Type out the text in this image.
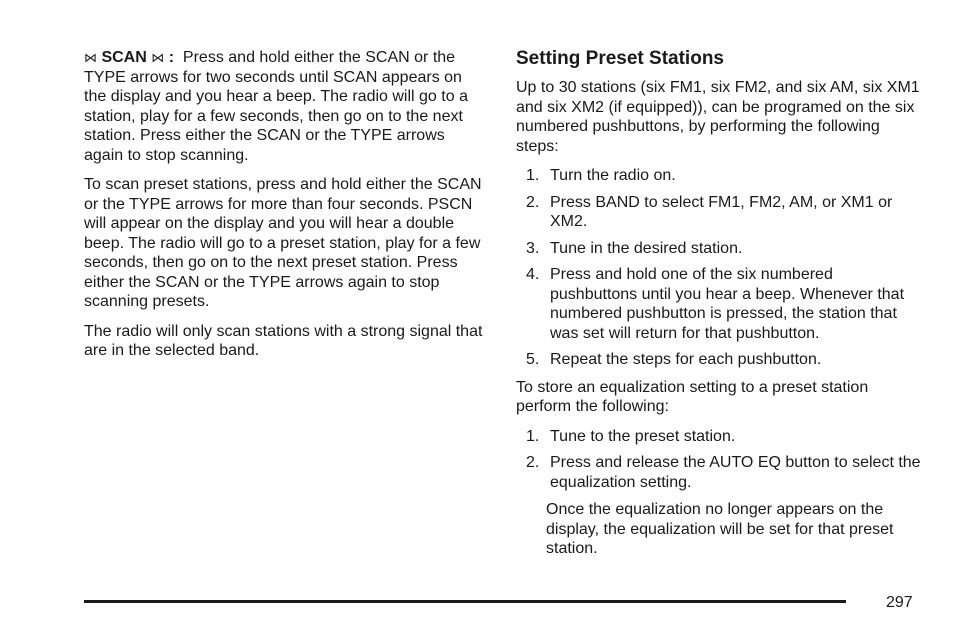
⋈ SCAN ⋈ : Press and hold either the SCAN or the TYPE arrows for two seconds until SCAN appears on the display and you hear a beep. The radio will go to a station, play for a few seconds, then go on to the next station. Press either the SCAN or the TYPE arrows again to stop scanning.

To scan preset stations, press and hold either the SCAN or the TYPE arrows for more than four seconds. PSCN will appear on the display and you will hear a double beep. The radio will go to a preset station, play for a few seconds, then go on to the next preset station. Press either the SCAN or the TYPE arrows again to stop scanning presets.

The radio will only scan stations with a strong signal that are in the selected band.

Setting Preset Stations

Up to 30 stations (six FM1, six FM2, and six AM, six XM1 and six XM2 (if equipped)), can be programed on the six numbered pushbuttons, by performing the following steps:

1. Turn the radio on.
2. Press BAND to select FM1, FM2, AM, or XM1 or XM2.
3. Tune in the desired station.
4. Press and hold one of the six numbered pushbuttons until you hear a beep. Whenever that numbered pushbutton is pressed, the station that was set will return for that pushbutton.
5. Repeat the steps for each pushbutton.

To store an equalization setting to a preset station perform the following:

1. Tune to the preset station.
2. Press and release the AUTO EQ button to select the equalization setting.

Once the equalization no longer appears on the display, the equalization will be set for that preset station.

297
